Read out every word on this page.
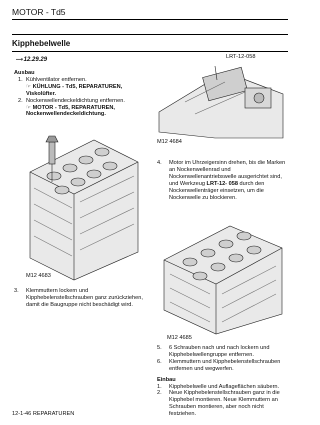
MOTOR - Td5
Kipphebelwelle
—› 12.29.29

Ausbau

1. Kühlventilator entfernen.
☞ KÜHLUNG - Td5, REPARATUREN, Viskolüfter.
2. Nockenwellendeckeldichtung entfernen.
☞ MOTOR - Td5, REPARATUREN, Nockenwellendeckeldichtung.
M12 4683
3. Klemmuttern lockern und Kipphebelenstellschrauben ganz zurückziehen, damit die Baugruppe nicht beschädigt wird.
LRT-12-058
M12 4684
4. Motor im Uhrzeigersinn drehen, bis die Marken an Nockenwellenrad und Nockenwellenantriebswelle ausgerichtet sind, und Werkzeug LRT-12- 058 durch den Nockenwellenträger einsetzen, um die Nockenwelle zu blockieren.
M12 4685
5. 6 Schrauben nach und nach lockern und Kipphebelwellengruppe entfernen.
6. Klemmuttern und Kipphebelenstellschrauben entfernen und wegwerfen.

Einbau

1. Kipphebelwelle und Auflageflächen säubern.
2. Neue Kipphebelenstellschrauben ganz in die Kipphebel montieren. Neue Klemmuttern an Schrauben montieren, aber noch nicht festziehen.
12-1-46 REPARATUREN
